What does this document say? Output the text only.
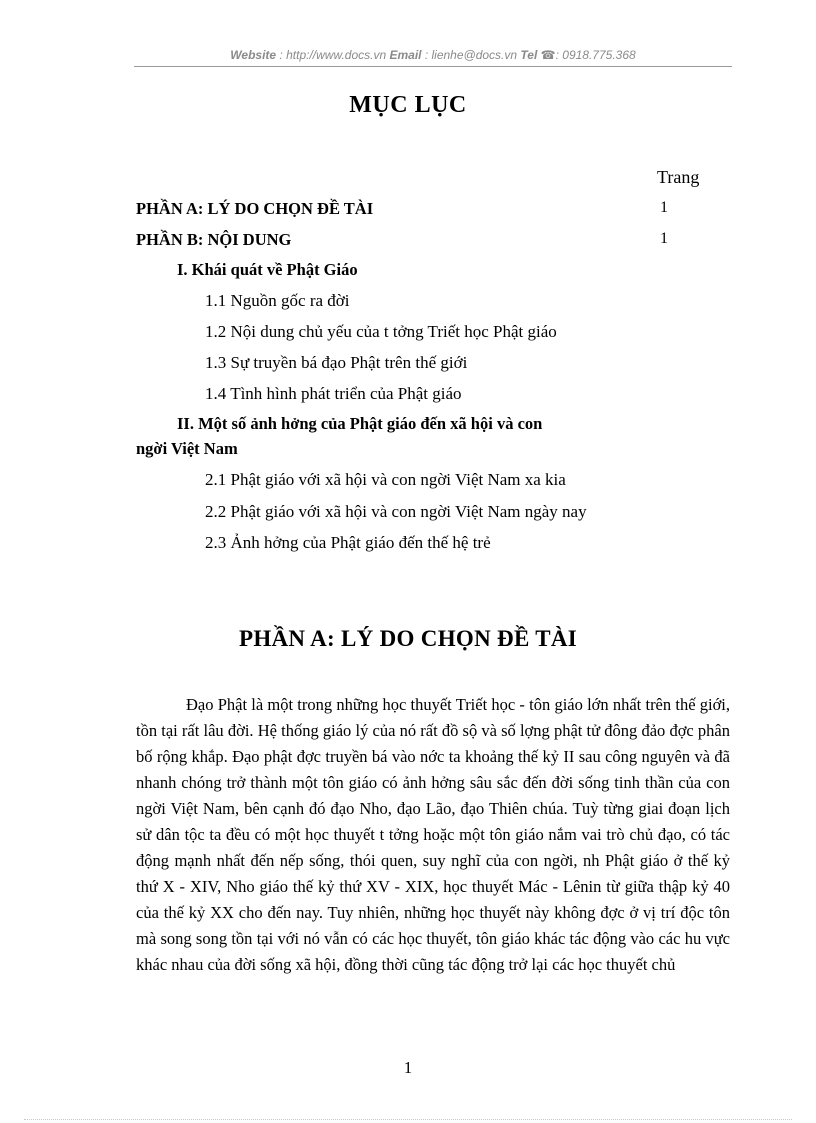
Website : http://www.docs.vn Email : lienhe@docs.vn Tel ☎: 0918.775.368
MỤC LỤC
Trang
PHẦN A: LÝ DO CHỌN ĐỀ TÀI	1
PHẦN B: NỘI DUNG	1
I. Khái quát về Phật Giáo
1.1 Nguồn gốc ra đời
1.2 Nội dung chủ yếu của t tởng Triết học Phật giáo
1.3 Sự truyền bá đạo Phật trên thế giới
1.4 Tình hình phát triển của Phật giáo
II. Một số ảnh hởng của Phật giáo đến xã hội và con
ngời Việt Nam
2.1 Phật giáo với xã hội và con ngời Việt Nam xa kia
2.2 Phật giáo với xã hội và con ngời Việt Nam ngày nay
2.3 Ảnh hởng của Phật giáo đến thế hệ trẻ
PHẦN A: LÝ DO CHỌN ĐỀ TÀI

Đạo Phật là một trong những học thuyết Triết học - tôn giáo lớn nhất trên thế giới, tồn tại rất lâu đời. Hệ thống giáo lý của nó rất đồ sộ và số lợng phật tử đông đảo đợc phân bố rộng khắp. Đạo phật đợc truyền bá vào nớc ta khoảng thế kỷ II sau công nguyên và đã nhanh chóng trở thành một tôn giáo có ảnh hởng sâu sắc đến đời sống tinh thần của con ngời Việt Nam, bên cạnh đó đạo Nho, đạo Lão, đạo Thiên chúa. Tuỳ từng giai đoạn lịch sử dân tộc ta đều có một học thuyết t tởng hoặc một tôn giáo nắm vai trò chủ đạo, có tác động mạnh nhất đến nếp sống, thói quen, suy nghĩ của con ngời, nh Phật giáo ở thế kỷ thứ X - XIV, Nho giáo thế kỷ thứ XV - XIX, học thuyết Mác - Lênin từ giữa thập kỷ 40 của thế kỷ XX cho đến nay. Tuy nhiên, những học thuyết này không đợc ở vị trí độc tôn mà song song tồn tại với nó vẫn có các học thuyết, tôn giáo khác tác động vào các hu vực khác nhau của đời sống xã hội, đồng thời cũng tác động trở lại các học thuyết chủ

1
